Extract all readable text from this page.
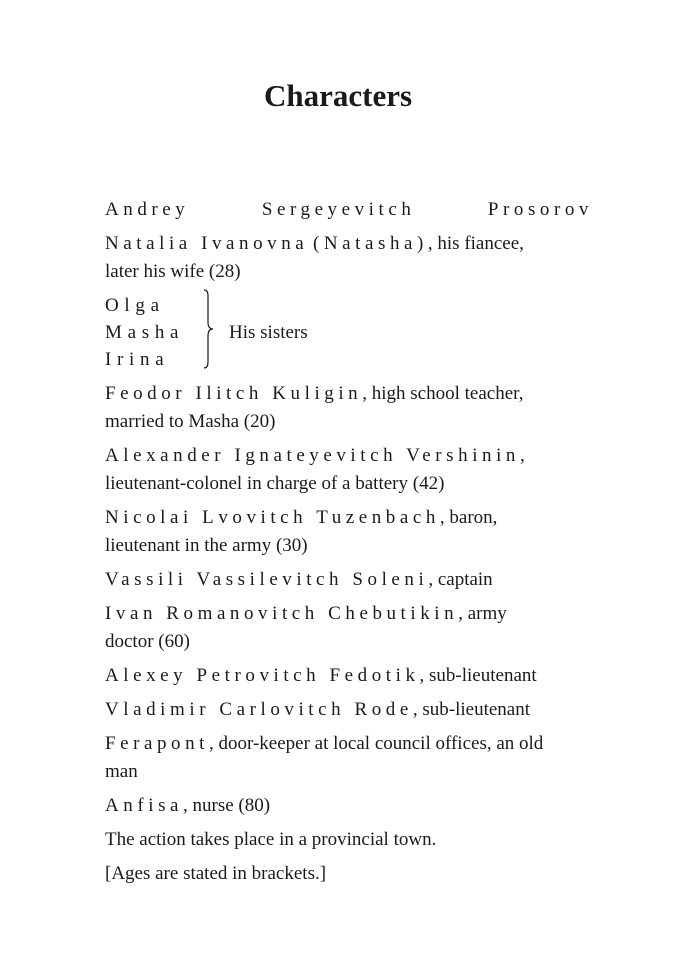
Characters
Andrey Sergeyevitch Prosorov
Natalia Ivanovna (Natasha), his fiancee,
later his wife (28)
Olga
Masha
Irina
His sisters
Feodor Ilitch Kuligin, high school teacher,
married to Masha (20)
Alexander Ignateyevitch Vershinin,
lieutenant-colonel in charge of a battery (42)
Nicolai Lvovitch Tuzenbach, baron,
lieutenant in the army (30)
Vassili Vassilevitch Soleni, captain
Ivan Romanovitch Chebutikin, army
doctor (60)
Alexey Petrovitch Fedotik, sub-lieutenant
Vladimir Carlovitch Rode, sub-lieutenant
Ferapont, door-keeper at local council offices, an old
man
Anfisa, nurse (80)
The action takes place in a provincial town.
[Ages are stated in brackets.]
